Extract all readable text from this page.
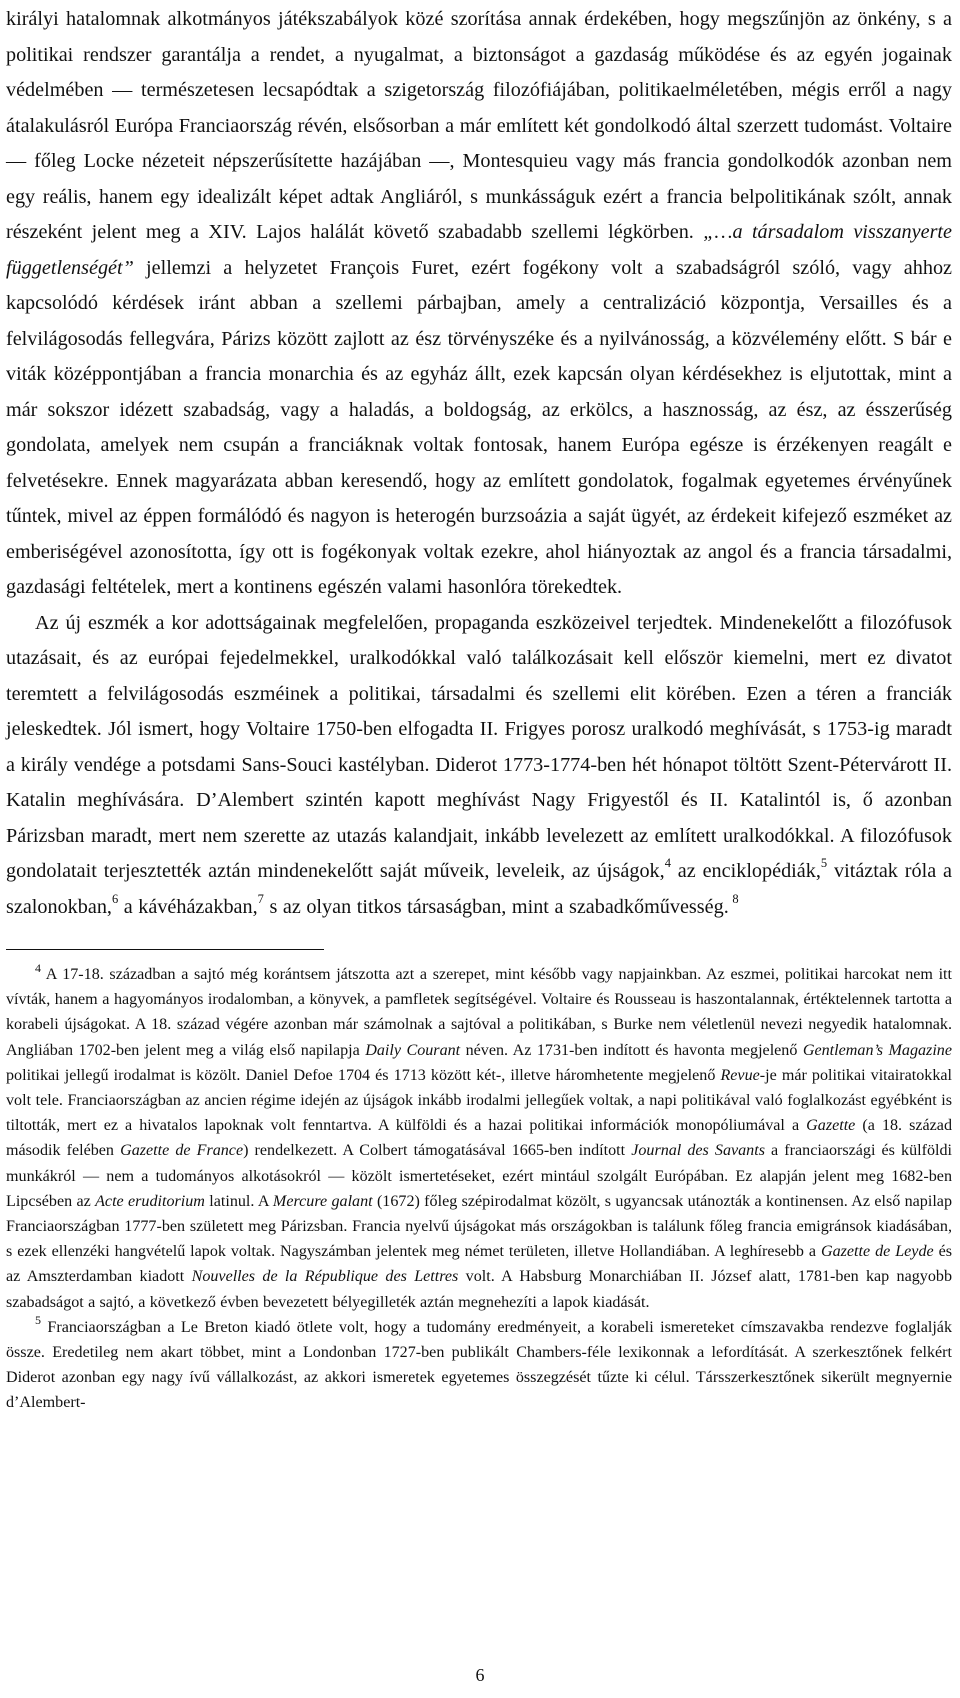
királyi hatalomnak alkotmányos játékszabályok közé szorítása annak érdekében, hogy megszűnjön az önkény, s a politikai rendszer garantálja a rendet, a nyugalmat, a biztonságot a gazdaság működése és az egyén jogainak védelmében ― természetesen lecsapódtak a szigetország filozófiájában, politikaelméletében, mégis erről a nagy átalakulásról Európa Franciaország révén, elsősorban a már említett két gondolkodó által szerzett tudomást. Voltaire ― főleg Locke nézeteit népszerűsítette hazájában ―, Montesquieu vagy más francia gondolkodók azonban nem egy reális, hanem egy idealizált képet adtak Angliáról, s munkásságuk ezért a francia belpolitikának szólt, annak részeként jelent meg a XIV. Lajos halálát követő szabadabb szellemi légkörben. „…a társadalom visszanyerte függetlenségét” jellemzi a helyzetet François Furet, ezért fogékony volt a szabadságról szóló, vagy ahhoz kapcsolódó kérdések iránt abban a szellemi párbajban, amely a centralizáció központja, Versailles és a felvilágosodás fellegvára, Párizs között zajlott az ész törvényszéke és a nyilvánosság, a közvélemény előtt. S bár e viták középpontjában a francia monarchia és az egyház állt, ezek kapcsán olyan kérdésekhez is eljutottak, mint a már sokszor idézett szabadság, vagy a haladás, a boldogság, az erkölcs, a hasznosság, az ész, az ésszerűség gondolata, amelyek nem csupán a franciáknak voltak fontosak, hanem Európa egésze is érzékenyen reagált e felvetésekre. Ennek magyarázata abban keresendő, hogy az említett gondolatok, fogalmak egyetemes érvényűnek tűntek, mivel az éppen formálódó és nagyon is heterogén burzsoázia a saját ügyét, az érdekeit kifejező eszméket az emberiségével azonosította, így ott is fogékonyak voltak ezekre, ahol hiányoztak az angol és a francia társadalmi, gazdasági feltételek, mert a kontinens egészén valami hasonlóra törekedtek.

Az új eszmék a kor adottságainak megfelelően, propaganda eszközeivel terjedtek. Mindenekelőtt a filozófusok utazásait, és az európai fejedelmekkel, uralkodókkal való találkozásait kell először kiemelni, mert ez divatot teremtett a felvilágosodás eszméinek a politikai, társadalmi és szellemi elit körében. Ezen a téren a franciák jeleskedtek. Jól ismert, hogy Voltaire 1750-ben elfogadta II. Frigyes porosz uralkodó meghívását, s 1753-ig maradt a király vendége a potsdami Sans-Souci kastélyban. Diderot 1773-1774-ben hét hónapot töltött Szent-Pétervárott II. Katalin meghívására. D’Alembert szintén kapott meghívást Nagy Frigyestől és II. Katalintól is, ő azonban Párizsban maradt, mert nem szerette az utazás kalandjait, inkább levelezett az említett uralkodókkal. A filozófusok gondolatait terjesztették aztán mindenekelőtt saját műveik, leveleik, az újságok,$^4$ az enciklopédiák,$^5$ vitáztak róla a szalonokban,$^6$ a kávéházakban,$^7$ s az olyan titkos társaságban, mint a szabadkőművesség. $^8$

$^4$ A 17-18. században a sajtó még korántsem játszotta azt a szerepet, mint később vagy napjainkban. Az eszmei, politikai harcokat nem itt vívták, hanem a hagyományos irodalomban, a könyvek, a pamfletek segítségével. Voltaire és Rousseau is haszontalannak, értéktelennek tartotta a korabeli újságokat. A 18. század végére azonban már számolnak a sajtóval a politikában, s Burke nem véletlenül nevezi negyedik hatalomnak. Angliában 1702-ben jelent meg a világ első napilapja Daily Courant néven. Az 1731-ben indított és havonta megjelenő Gentleman’s Magazine politikai jellegű irodalmat is közölt. Daniel Defoe 1704 és 1713 között két-, illetve háromhetente megjelenő Revue-je már politikai vitairatokkal volt tele. Franciaországban az ancien régime idején az újságok inkább irodalmi jellegűek voltak, a napi politikával való foglalkozást egyébként is tiltották, mert ez a hivatalos lapoknak volt fenntartva. A külföldi és a hazai politikai információk monopóliumával a Gazette (a 18. század második felében Gazette de France) rendelkezett. A Colbert támogatásával 1665-ben indított Journal des Savants a franciaországi és külföldi munkákról ― nem a tudományos alkotásokról ― közölt ismertetéseket, ezért mintául szolgált Európában. Ez alapján jelent meg 1682-ben Lipcsében az Acte eruditorium latinul. A Mercure galant (1672) főleg szépirodalmat közölt, s ugyancsak utánozták a kontinensen. Az első napilap Franciaországban 1777-ben született meg Párizsban. Francia nyelvű újságokat más országokban is találunk főleg francia emigránsok kiadásában, s ezek ellenzéki hangvételű lapok voltak. Nagyszámban jelentek meg német területen, illetve Hollandiában. A leghíresebb a Gazette de Leyde és az Amszterdamban kiadott Nouvelles de la République des Lettres volt. A Habsburg Monarchiában II. József alatt, 1781-ben kap nagyobb szabadságot a sajtó, a következő évben bevezetett bélyegilleték aztán megnehezíti a lapok kiadását.

$^5$ Franciaországban a Le Breton kiadó ötlete volt, hogy a tudomány eredményeit, a korabeli ismereteket címszavakba rendezve foglalják össze. Eredetileg nem akart többet, mint a Londonban 1727-ben publikált Chambers-féle lexikonnak a lefordítását. A szerkesztőnek felkért Diderot azonban egy nagy ívű vállalkozást, az akkori ismeretek egyetemes összegzését tűzte ki célul. Társszerkesztőnek sikerült megnyernie d’Alembert-

6
